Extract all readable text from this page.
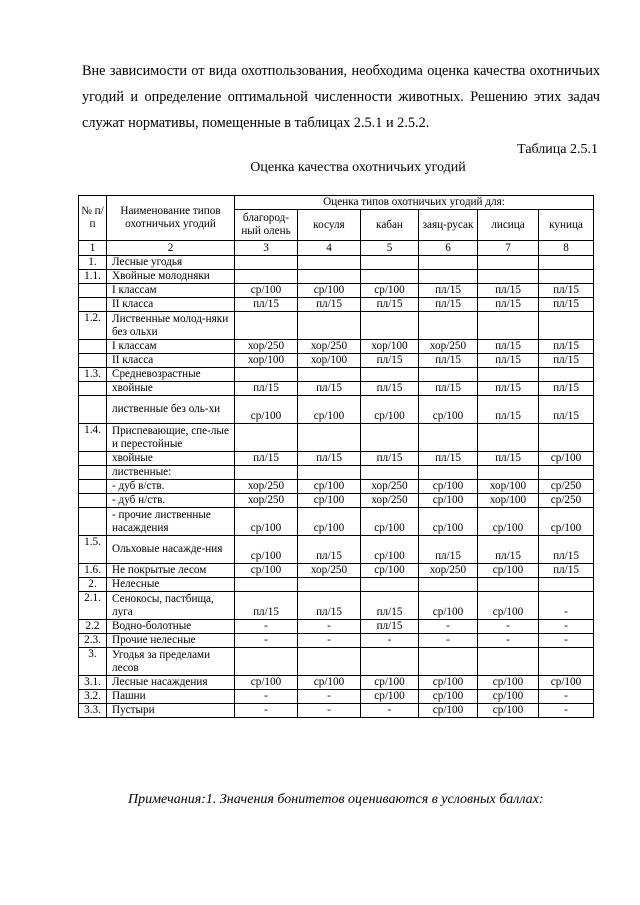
Вне зависимости от вида охотпользования, необходима оценка качества охотничьих угодий и определение оптимальной численности животных. Решению этих задач служат нормативы, помещенные в таблицах 2.5.1 и 2.5.2.

Таблица 2.5.1
Оценка качества охотничьих угодий
№ п/п	Наименование типов охотничьих угодий	Оценка типов охотничьих угодий для:					
		благород-ный олень	косуля	кабан	заяц-русак	лисица	куница
1	2	3	4	5	6	7	8
1.	Лесные угодья						
1.1.	Хвойные молодняки						
	I классам	ср/100	ср/100	ср/100	пл/15	пл/15	пл/15
	II класса	пл/15	пл/15	пл/15	пл/15	пл/15	пл/15
1.2.	Лиственные молод-няки без ольхи						
	I классам	хор/250	хор/250	хор/100	хор/250	пл/15	пл/15
	II класса	хор/100	хор/100	пл/15	пл/15	пл/15	пл/15
1.3.	Средневозрастные						
	хвойные	пл/15	пл/15	пл/15	пл/15	пл/15	пл/15
	лиственные без оль-хи	ср/100	ср/100	ср/100	ср/100	пл/15	пл/15
1.4.	Приспевающие, спе-лые и перестойные						
	хвойные	пл/15	пл/15	пл/15	пл/15	пл/15	ср/100
	лиственные:						
	- дуб в/ств.	хор/250	ср/100	хор/250	ср/100	хор/100	ср/250
	- дуб н/ств.	хор/250	ср/100	хор/250	ср/100	хор/100	ср/250
	- прочие лиственные насаждения	ср/100	ср/100	ср/100	ср/100	ср/100	ср/100
1.5.	Ольховые насажде-ния	ср/100	пл/15	ср/100	пл/15	пл/15	пл/15
1.6.	Не покрытые лесом	ср/100	хор/250	ср/100	хор/250	ср/100	пл/15
2.	Нелесные						
2.1.	Сенокосы, пастбища, луга	пл/15	пл/15	пл/15	ср/100	ср/100	-
2.2	Водно-болотные	-	-	пл/15	-	-	-
2.3.	Прочие нелесные	-	-	-	-	-	-
3.	Угодья за пределами лесов						
3.1.	Лесные насаждения	ср/100	ср/100	ср/100	ср/100	ср/100	ср/100
3.2.	Пашни	-	-	ср/100	ср/100	ср/100	-
3.3.	Пустыри	-	-	-	ср/100	ср/100	-
Примечания:1. Значения бонитетов оцениваются в условных баллах:
